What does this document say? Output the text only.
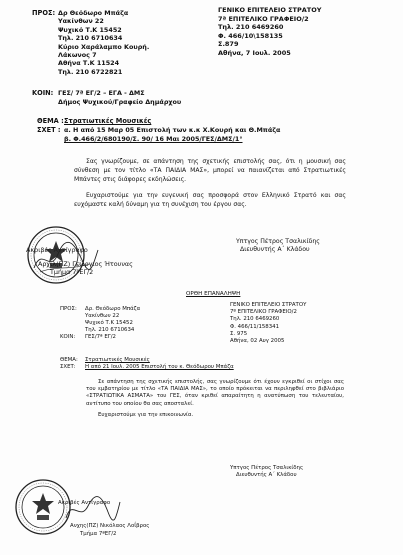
ΠΡΟΣ: Δρ Θεόδωρο Μπάζα
Υακίνθων 22
Ψυχικό Τ.Κ 15452
Τηλ. 210 6710634
Κύριο Χαράλαμπο Κουρή.
Λάκωνος 7
Αθήνα Τ.Κ 11524
Τηλ. 210 6722821
ΓΕΝΙΚΟ ΕΠΙΤΕΛΕΙΟ ΣΤΡΑΤΟΥ
7ª ΕΠΙΤΕΛΙΚΟ ΓΡΑΦΕΙΟ/2
Τηλ. 210 6469260
Φ. 466/10\158135
Σ.879
Αθήνα, 7 Ιουλ. 2005
ΚΟΙΝ: ΓΕΣ/ 7ª ΕΓ/2 – ΕΓΑ - ΔΜΣ
Δήμος Ψυχικού/Γραφείο Δημάρχου
ΘΕΜΑ : Στρατιωτικές Μουσικές
ΣΧΕΤ : α. Η από 15 Μαρ 05 Επιστολή των κ.κ Χ.Κουρή και Θ.Μπάζα
β. Φ.466/2/680190/Σ. 90/ 16 Μαι 2005/ΓΕΣ/ΔΜΣ/1°
Σας γνωρίζουμε, σε απάντηση της σχετικής επιστολής σας, ότι η μουσική σας σύνθεση με τον τίτλο «ΤΑ ΠΑΙΔΙΑ ΜΑΣ», μπορεί να παιανίζεται από Στρατιωτικές Μπάντες στις διάφορες εκδηλώσεις.
Ευχαριστούμε για την ευγενική σας προσφορά στον Ελληνικό Στρατό και σας ευχόμαστε καλή δύναμη για τη συνέχιση του έργου σας.
Υπτγος Πέτρος Τσαλικίδης
Διευθυντής Α΄ Κλάδου
Ακριβές Αντίγραφο
Αρχιλ(ΠΖ) Γεώργιος Ήτουνας
Τμήμα 7ªΕΓ/2
ΟΡΘΗ ΕΠΑΝΑΛΗΨΗ
ΠΡΟΣ: Δρ. Θεόδωρο Μπάζα
Υακίνθων 22
Ψυχικό Τ.Κ 15452
Τηλ. 210 6710634
ΚΟΙΝ: ΓΕΣ/7ª ΕΓ/2
ΓΕΝΙΚΟ ΕΠΙΤΕΛΕΙΟ ΣΤΡΑΤΟΥ
7º ΕΠΙΤΕΛΙΚΟ ΓΡΑΦΕΙΟ/2
Τηλ. 210 6469260
Φ. 466/11/158341
Σ. 975
Αθήνα, 02 Αυγ 2005
ΘΕΜΑ: Στρατιωτικές Μουσικές
ΣΧΕΤ: Η από 21 Ιουλ. 2005 Επιστολή του κ. Θεόδωρου Μπάζα
Σε απάντηση της σχετικής επιστολής, σας γνωρίζουμε ότι έχουν εγκριθεί οι στίχοι σας του εμβατηρίου με τίτλο «ΤΑ ΠΑΙΔΙΑ ΜΑΣ», το οποίο πρόκειται να περιληφθεί στο βιβλιάριο «ΣΤΡΑΤΙΩΤΙΚΑ ΑΣΜΑΤΑ» του ΓΕΣ, όταν κριθεί απαραίτητη η ανατύπωση του τελευταίου, αντίτυπο του οποίου θα σας αποσταλεί.
Ευχαριστούμε για την επικοινωνία.
Υπτγος Πέτρος Τσαλικίδης
Διευθυντής Α΄ Κλάδου
Ακριβές Αντίγραφο
Ανχης(ΠΖ) Νικόλαος Λοΐβρος
Τμήμα 7ªΕΓ/2
